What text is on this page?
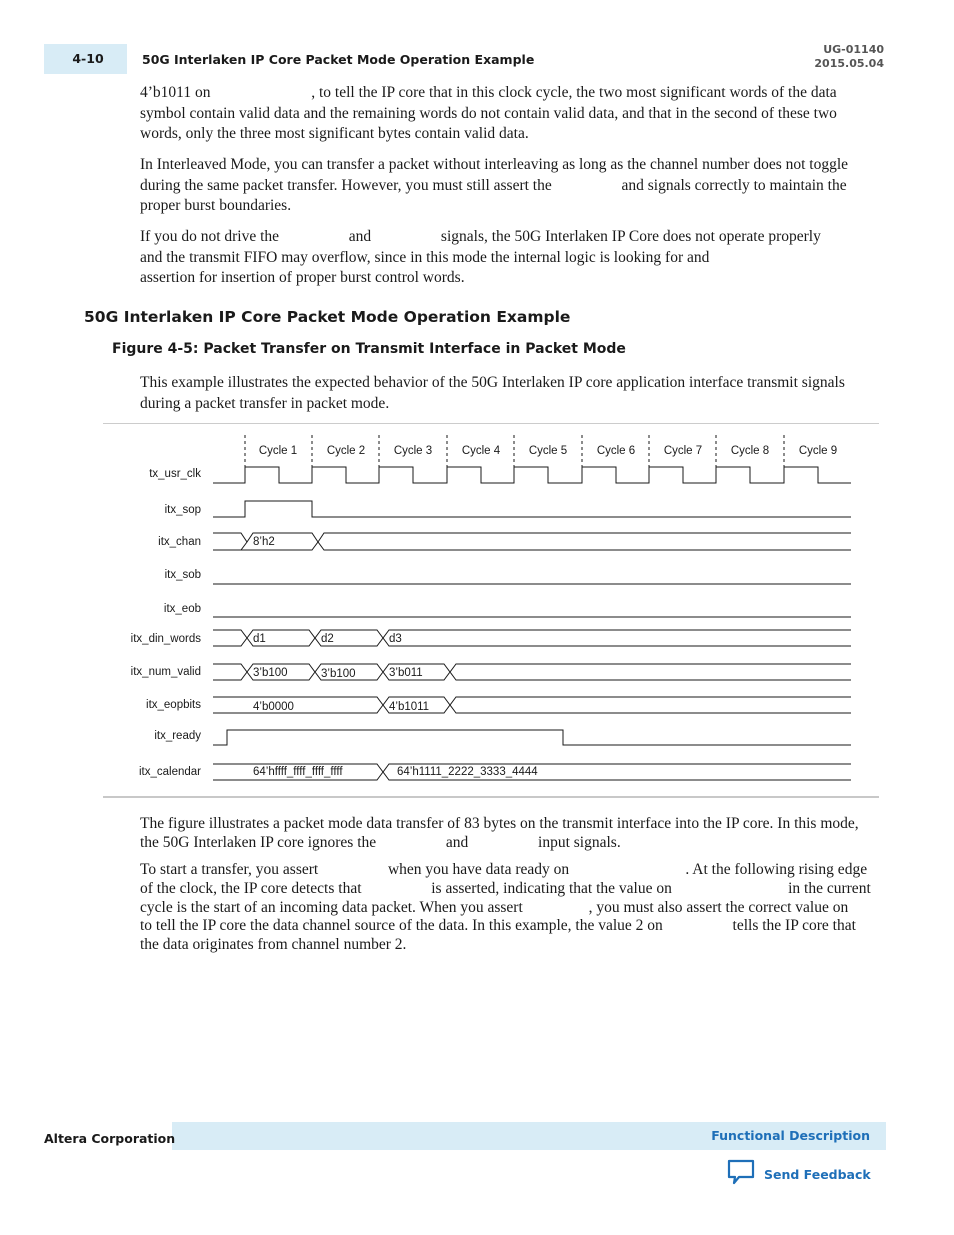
4-10	50G Interlaken IP Core Packet Mode Operation Example
UG-01140
2015.05.04

4’b1011 on                          , to tell the IP core that in this clock cycle, the two most significant words of the data symbol contain valid data and the remaining words do not contain valid data, and that in the second of these two words, only the three most significant bytes contain valid data.

In Interleaved Mode, you can transfer a packet without interleaving as long as the channel number does not toggle during the same packet transfer. However, you must still assert the                  and signals correctly to maintain the proper burst boundaries.

If you do not drive the                  and                  signals, the 50G Interlaken IP Core does not operate properly and the transmit FIFO may overflow, since in this mode the internal logic is looking for and                  assertion for insertion of proper burst control words.

50G Interlaken IP Core Packet Mode Operation Example
Figure 4-5: Packet Transfer on Transmit Interface in Packet Mode

This example illustrates the expected behavior of the 50G Interlaken IP core application interface transmit signals during a packet transfer in packet mode.

Cycle 1	Cycle 2 Cycle 3	Cycle 4 Cycle 5	Cycle 6 Cycle 7 Cycle 8	Cycle 9
tx_usr_clk
itx_sop
itx_chan
itx_sob
itx_eob
itx_din_words
itx_num_valid
itx_eopbits
itx_ready
itx_calendar
8’h2
d1	d2	d3
3’b100	3’b100	3’b011
4’b0000	4’b1011
64’hffff_ffff_ffff_ffff	64’h1111_2222_3333_4444

The figure illustrates a packet mode data transfer of 83 bytes on the transmit interface into the IP core. In this mode, the 50G Interlaken IP core ignores the                  and                  input signals.

To start a transfer, you assert                  when you have data ready on                              . At the following rising edge of the clock, the IP core detects that                  is asserted, indicating that the value on                              in the current cycle is the start of an incoming data packet. When you assert                 , you must also assert the correct value on                  to tell the IP core the data channel source of the data. In this example, the value 2 on                  tells the IP core that the data originates from channel number 2.

Altera Corporation	Functional Description
Send Feedback
